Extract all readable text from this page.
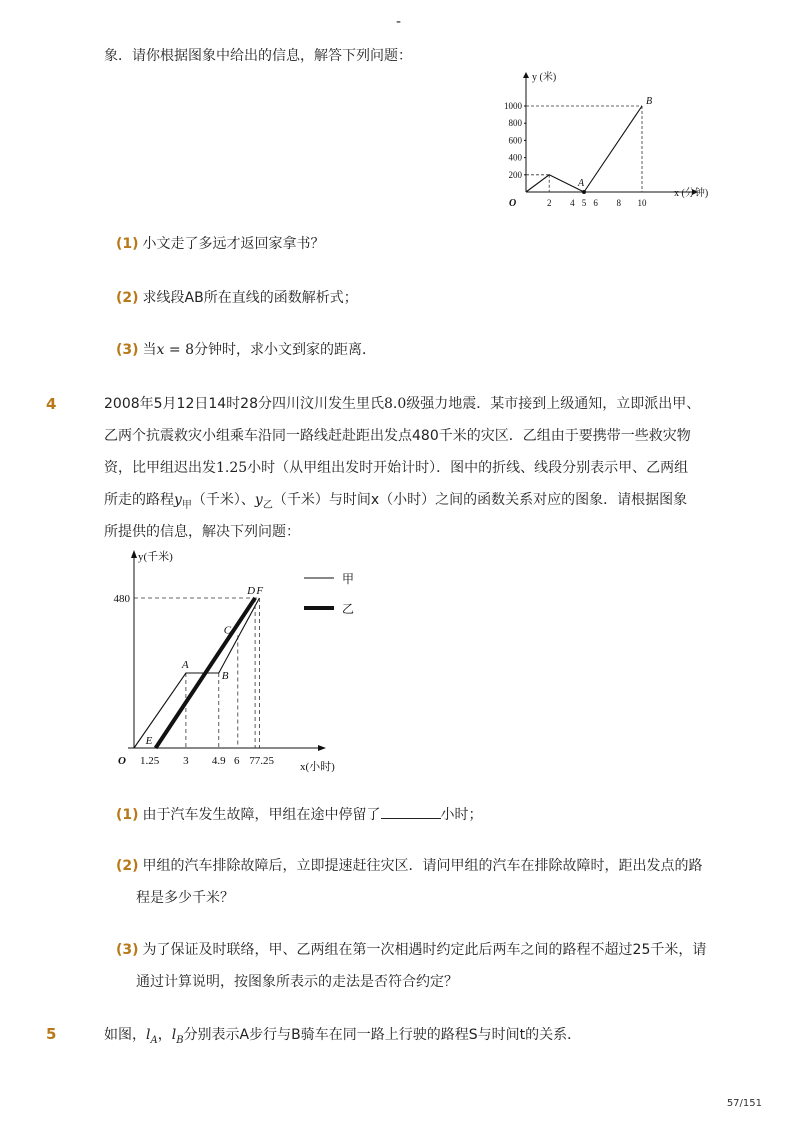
-
象．请你根据图象中给出的信息，解答下列问题：
y (米)
x (分钟)
O
1000
800
600
400
200
2 4 5 6 8 10
A
B
(1) 小文走了多远才返回家拿书？
(2) 求线段AB所在直线的函数解析式；
(3) 当x = 8分钟时，求小文到家的距离．
4	2008年5月12日14时28分四川汶川发生里氏8.0级强力地震．某市接到上级通知，立即派出甲、
乙两个抗震救灾小组乘车沿同一路线赶赴距出发点480千米的灾区．乙组由于要携带一些救灾物
资，比甲组迟出发1.25小时（从甲组出发时开始计时）．图中的折线、线段分别表示甲、乙两组
所走的路程$y_甲$（千米）、$y_乙$（千米）与时间x（小时）之间的函数关系对应的图象．请根据图象
所提供的信息，解决下列问题：
y(千米)
x(小时)
O
480
1.25 3 4.9 6 7 7.25
A
B
C
D F
E
甲
乙
(1) 由于汽车发生故障，甲组在途中停留了	小时；
(2) 甲组的汽车排除故障后，立即提速赶往灾区．请问甲组的汽车在排除故障时，距出发点的路
程是多少千米？
(3) 为了保证及时联络，甲、乙两组在第一次相遇时约定此后两车之间的路程不超过25千米，请
通过计算说明，按图象所表示的走法是否符合约定？
5	如图，$l_A$，$l_B$分别表示A步行与B骑车在同一路上行驶的路程S与时间t的关系．
57/151
